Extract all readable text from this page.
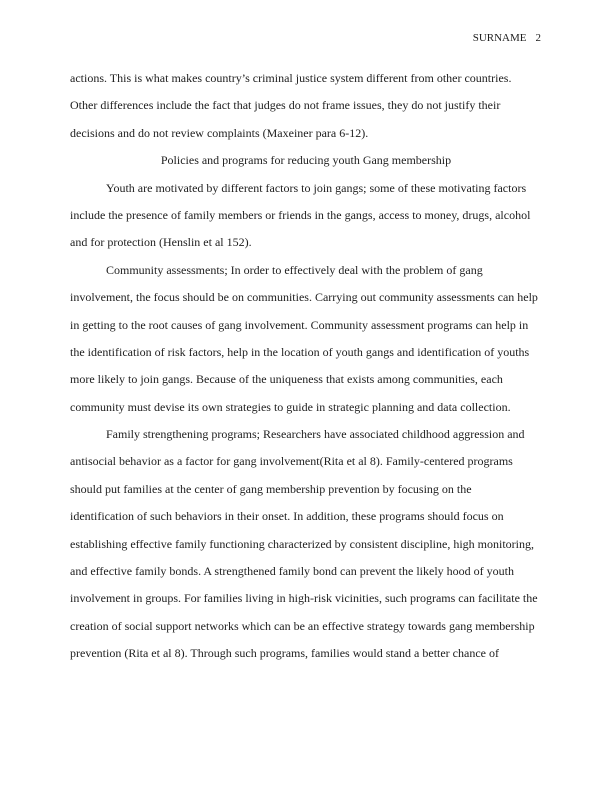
SURNAME 2
actions. This is what makes country’s criminal justice system different from other countries.
Other differences include the fact that judges do not frame issues, they do not justify their
decisions and do not review complaints (Maxeiner para 6-12).
Policies and programs for reducing youth Gang membership
Youth are motivated by different factors to join gangs; some of these motivating factors
include the presence of family members or friends in the gangs, access to money, drugs, alcohol
and for protection (Henslin et al 152).
Community assessments; In order to effectively deal with the problem of gang
involvement, the focus should be on communities. Carrying out community assessments can help
in getting to the root causes of gang involvement. Community assessment programs can help in
the identification of risk factors, help in the location of youth gangs and identification of youths
more likely to join gangs. Because of the uniqueness that exists among communities, each
community must devise its own strategies to guide in strategic planning and data collection.
Family strengthening programs; Researchers have associated childhood aggression and
antisocial behavior as a factor for gang involvement(Rita et al 8). Family-centered programs
should put families at the center of gang membership prevention by focusing on the
identification of such behaviors in their onset. In addition, these programs should focus on
establishing effective family functioning characterized by consistent discipline, high monitoring,
and effective family bonds. A strengthened family bond can prevent the likely hood of youth
involvement in groups. For families living in high-risk vicinities, such programs can facilitate the
creation of social support networks which can be an effective strategy towards gang membership
prevention (Rita et al 8). Through such programs, families would stand a better chance of
